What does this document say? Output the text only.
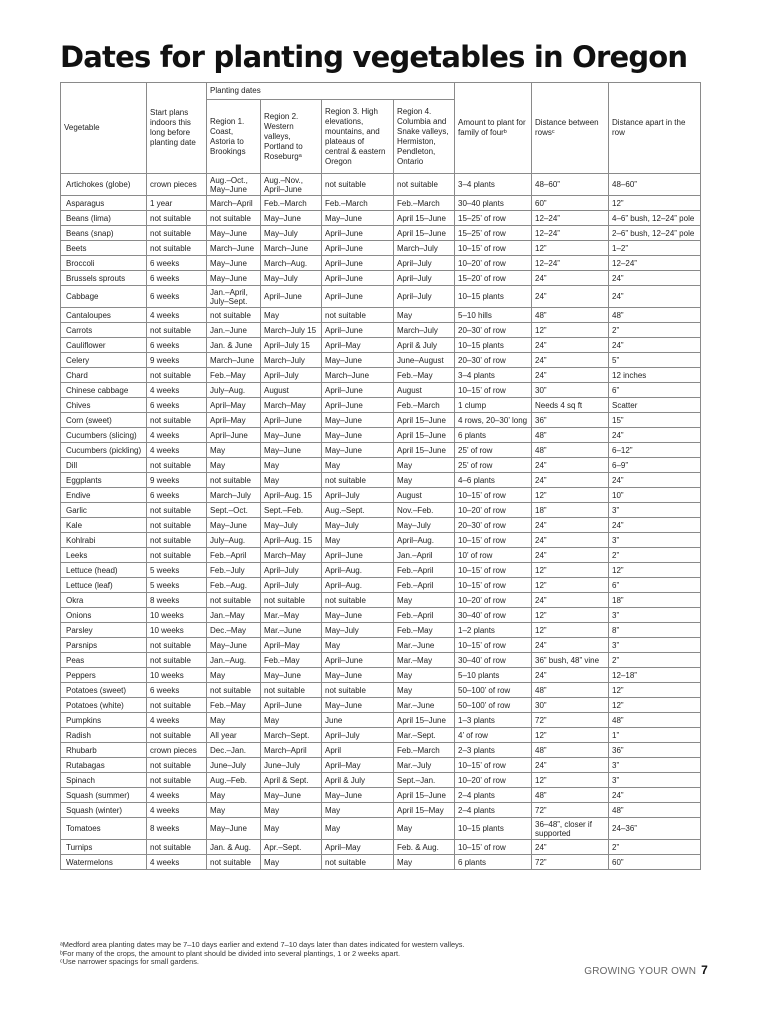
Dates for planting vegetables in Oregon
Vegetable	Start plans indoors this long before planting date	Planting dates				Amount to plant for family of fourᵇ	Distance between rowsᶜ	Distance apart in the row
		Region 1. Coast, Astoria to Brookings	Region 2. Western valleys, Portland to Roseburgᵃ	Region 3. High elevations, mountains, and plateaus of central & eastern Oregon	Region 4. Columbia and Snake valleys, Hermiston, Pendleton, Ontario			
Artichokes (globe)	crown pieces	Aug.–Oct., May–June	Aug.–Nov., April–June	not suitable	not suitable	3–4 plants	48–60”	48–60”
Asparagus	1 year	March–April	Feb.–March	Feb.–March	Feb.–March	30–40 plants	60”	12”
Beans (lima)	not suitable	not suitable	May–June	May–June	April 15–June	15–25’ of row	12–24”	4–6” bush, 12–24” pole
Beans (snap)	not suitable	May–June	May–July	April–June	April 15–June	15–25’ of row	12–24”	2–6” bush, 12–24” pole
Beets	not suitable	March–June	March–June	April–June	March–July	10–15’ of row	12”	1–2”
Broccoli	6 weeks	May–June	March–Aug.	April–June	April–July	10–20’ of row	12–24”	12–24”
Brussels sprouts	6 weeks	May–June	May–July	April–June	April–July	15–20’ of row	24”	24”
Cabbage	6 weeks	Jan.–April, July–Sept.	April–June	April–June	April–July	10–15 plants	24”	24”
Cantaloupes	4 weeks	not suitable	May	not suitable	May	5–10 hills	48”	48”
Carrots	not suitable	Jan.–June	March–July 15	April–June	March–July	20–30’ of row	12”	2”
Cauliflower	6 weeks	Jan. & June	April–July 15	April–May	April & July	10–15 plants	24”	24”
Celery	9 weeks	March–June	March–July	May–June	June–August	20–30’ of row	24”	5”
Chard	not suitable	Feb.–May	April–July	March–June	Feb.–May	3–4 plants	24”	12 inches
Chinese cabbage	4 weeks	July–Aug.	August	April–June	August	10–15’ of row	30”	6”
Chives	6 weeks	April–May	March–May	April–June	Feb.–March	1 clump	Needs 4 sq ft	Scatter
Corn (sweet)	not suitable	April–May	April–June	May–June	April 15–June	4 rows, 20–30’ long	36”	15”
Cucumbers (slicing)	4 weeks	April–June	May–June	May–June	April 15–June	6 plants	48”	24”
Cucumbers (pickling)	4 weeks	May	May–June	May–June	April 15–June	25’ of row	48”	6–12”
Dill	not suitable	May	May	May	May	25’ of row	24”	6–9”
Eggplants	9 weeks	not suitable	May	not suitable	May	4–6 plants	24”	24”
Endive	6 weeks	March–July	April–Aug. 15	April–July	August	10–15’ of row	12”	10”
Garlic	not suitable	Sept.–Oct.	Sept.–Feb.	Aug.–Sept.	Nov.–Feb.	10–20’ of row	18”	3”
Kale	not suitable	May–June	May–July	May–July	May–July	20–30’ of row	24”	24”
Kohlrabi	not suitable	July–Aug.	April–Aug. 15	May	April–Aug.	10–15’ of row	24”	3”
Leeks	not suitable	Feb.–April	March–May	April–June	Jan.–April	10’ of row	24”	2”
Lettuce (head)	5 weeks	Feb.–July	April–July	April–Aug.	Feb.–April	10–15’ of row	12”	12”
Lettuce (leaf)	5 weeks	Feb.–Aug.	April–July	April–Aug.	Feb.–April	10–15’ of row	12”	6”
Okra	8 weeks	not suitable	not suitable	not suitable	May	10–20’ of row	24”	18”
Onions	10 weeks	Jan.–May	Mar.–May	May–June	Feb.–April	30–40’ of row	12”	3”
Parsley	10 weeks	Dec.–May	Mar.–June	May–July	Feb.–May	1–2 plants	12”	8”
Parsnips	not suitable	May–June	April–May	May	Mar.–June	10–15’ of row	24”	3”
Peas	not suitable	Jan.–Aug.	Feb.–May	April–June	Mar.–May	30–40’ of row	36” bush, 48” vine	2”
Peppers	10 weeks	May	May–June	May–June	May	5–10 plants	24”	12–18”
Potatoes (sweet)	6 weeks	not suitable	not suitable	not suitable	May	50–100’ of row	48”	12”
Potatoes (white)	not suitable	Feb.–May	April–June	May–June	Mar.–June	50–100’ of row	30”	12”
Pumpkins	4 weeks	May	May	June	April 15–June	1–3 plants	72”	48”
Radish	not suitable	All year	March–Sept.	April–July	Mar.–Sept.	4’ of row	12”	1”
Rhubarb	crown pieces	Dec.–Jan.	March–April	April	Feb.–March	2–3 plants	48”	36”
Rutabagas	not suitable	June–July	June–July	April–May	Mar.–July	10–15’ of row	24”	3”
Spinach	not suitable	Aug.–Feb.	April & Sept.	April & July	Sept.–Jan.	10–20’ of row	12”	3”
Squash (summer)	4 weeks	May	May–June	May–June	April 15–June	2–4 plants	48”	24”
Squash (winter)	4 weeks	May	May	May	April 15–May	2–4 plants	72”	48”
Tomatoes	8 weeks	May–June	May	May	May	10–15 plants	36–48”, closer if supported	24–36”
Turnips	not suitable	Jan. & Aug.	Apr.–Sept.	April–May	Feb. & Aug.	10–15’ of row	24”	2”
Watermelons	4 weeks	not suitable	May	not suitable	May	6 plants	72”	60”
ᵃMedford area planting dates may be 7–10 days earlier and extend 7–10 days later than dates indicated for western valleys.
ᵇFor many of the crops, the amount to plant should be divided into several plantings, 1 or 2 weeks apart.
ᶜUse narrower spacings for small gardens.
GROWING YOUR OWN 7
